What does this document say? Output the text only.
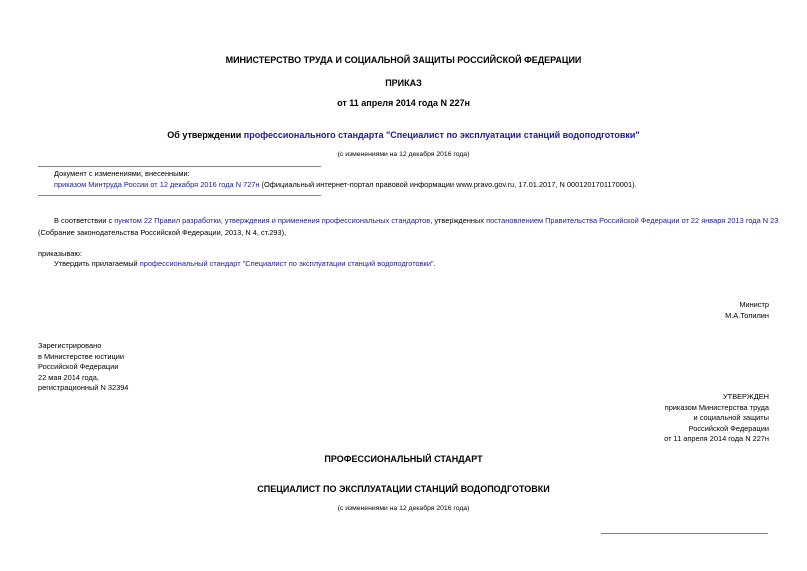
МИНИСТЕРСТВО ТРУДА И СОЦИАЛЬНОЙ ЗАЩИТЫ РОССИЙСКОЙ ФЕДЕРАЦИИ
ПРИКАЗ
от 11 апреля 2014 года N 227н
Об утверждении профессионального стандарта "Специалист по эксплуатации станций водоподготовки"
(с изменениями на 12 декабря 2016 года)
Документ с изменениями, внесенными:
приказом Минтруда России от 12 декабря 2016 года N 727н (Официальный интернет-портал правовой информации www.pravo.gov.ru, 17.01.2017, N 0001201701170001).
В соответствии с пунктом 22 Правил разработки, утверждения и применения профессиональных стандартов, утвержденных постановлением Правительства Российской Федерации от 22 января 2013 года N 23
(Собрание законодательства Российской Федерации, 2013, N 4, ст.293),
приказываю:
Утвердить прилагаемый профессиональный стандарт "Специалист по эксплуатации станций водоподготовки".
Министр
М.А.Топилин
Зарегистрировано
в Министерстве юстиции
Российской Федерации
22 мая 2014 года,
регистрационный N 32394
УТВЕРЖДЕН
приказом Министерства труда
и социальной защиты
Российской Федерации
от 11 апреля 2014 года N 227н
ПРОФЕССИОНАЛЬНЫЙ СТАНДАРТ
СПЕЦИАЛИСТ ПО ЭКСПЛУАТАЦИИ СТАНЦИЙ ВОДОПОДГОТОВКИ
(с изменениями на 12 декабря 2016 года)
